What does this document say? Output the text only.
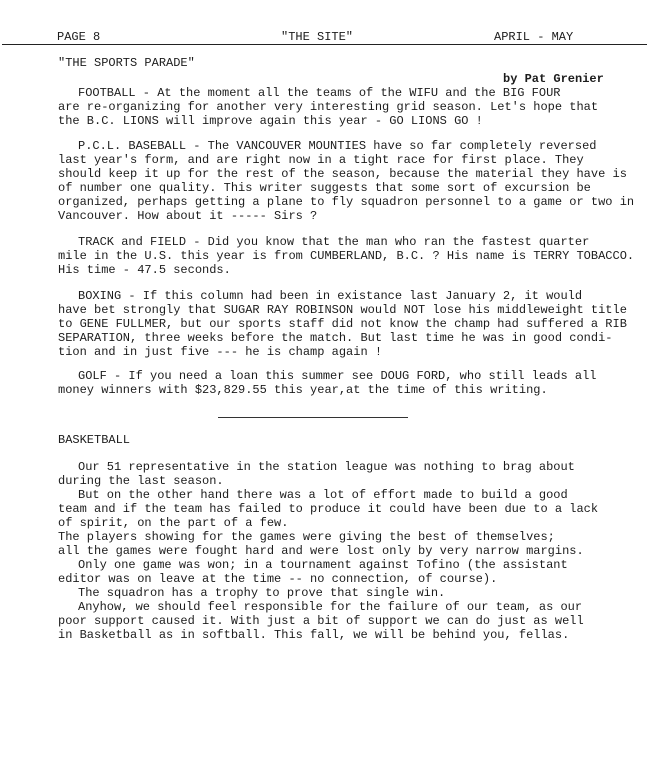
PAGE 8	"THE SITE"	APRIL - MAY
"THE SPORTS PARADE"
by Pat Grenier
FOOTBALL - At the moment all the teams of the WIFU and the BIG FOUR
are re-organizing for another very interesting grid season. Let's hope that
the B.C. LIONS will improve again this year - GO LIONS GO !
P.C.L. BASEBALL - The VANCOUVER MOUNTIES have so far completely reversed
last year's form, and are right now in a tight race for first place. They
should keep it up for the rest of the season, because the material they have is
of number one quality. This writer suggests that some sort of excursion be
organized, perhaps getting a plane to fly squadron personnel to a game or two in
Vancouver. How about it ----- Sirs ?
TRACK and FIELD - Did you know that the man who ran the fastest quarter
mile in the U.S. this year is from CUMBERLAND, B.C. ? His name is TERRY TOBACCO.
His time - 47.5 seconds.
BOXING - If this column had been in existance last January 2, it would
have bet strongly that SUGAR RAY ROBINSON would NOT lose his middleweight title
to GENE FULLMER, but our sports staff did not know the champ had suffered a RIB
SEPARATION, three weeks before the match. But last time he was in good condi-
tion and in just five --- he is champ again !
GOLF - If you need a loan this summer see DOUG FORD, who still leads all
money winners with $23,829.55 this year,at the time of this writing.
BASKETBALL
Our 51 representative in the station league was nothing to brag about
during the last season.
But on the other hand there was a lot of effort made to build a good
team and if the team has failed to produce it could have been due to a lack
of spirit, on the part of a few.
The players showing for the games were giving the best of themselves;
all the games were fought hard and were lost only by very narrow margins.
Only one game was won; in a tournament against Tofino (the assistant
editor was on leave at the time -- no connection, of course).
The squadron has a trophy to prove that single win.
Anyhow, we should feel responsible for the failure of our team, as our
poor support caused it. With just a bit of support we can do just as well
in Basketball as in softball. This fall, we will be behind you, fellas.
